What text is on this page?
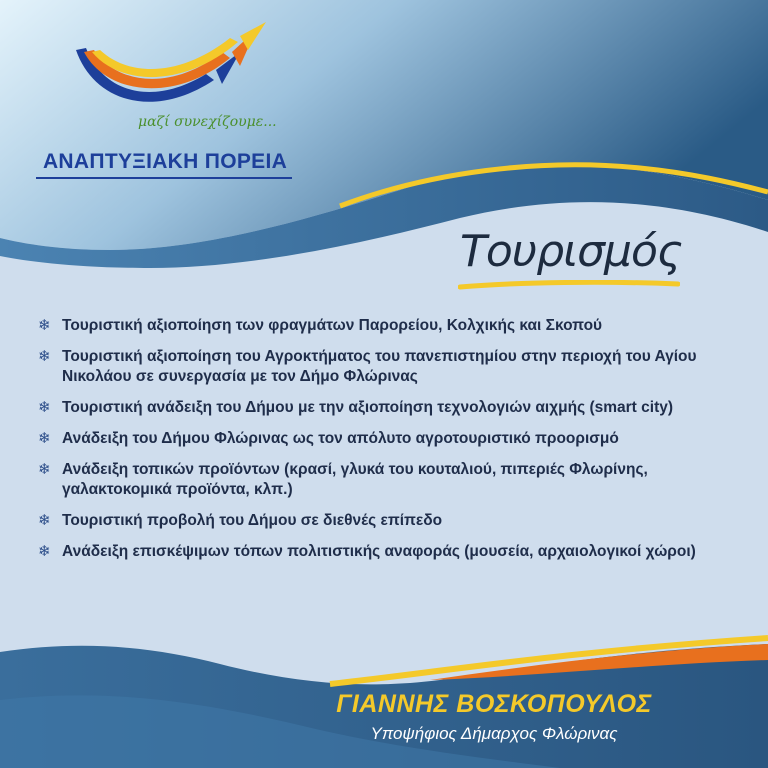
μαζί συνεχίζουμε...
ΑΝΑΠΤΥΞΙΑΚΗ ΠΟΡΕΙΑ
Τουρισμός
❄ Τουριστική αξιοποίηση των φραγμάτων Παρορείου, Κολχικής και Σκοπού
❄ Τουριστική αξιοποίηση του Αγροκτήματος του πανεπιστημίου στην περιοχή του Αγίου Νικολάου σε συνεργασία με τον Δήμο Φλώρινας
❄ Τουριστική ανάδειξη του Δήμου με την αξιοποίηση τεχνολογιών αιχμής (smart city)
❄ Ανάδειξη του Δήμου Φλώρινας ως τον απόλυτο αγροτουριστικό προορισμό
❄ Ανάδειξη τοπικών προϊόντων (κρασί, γλυκά του κουταλιού, πιπεριές Φλωρίνης, γαλακτοκομικά προϊόντα, κλπ.)
❄ Τουριστική προβολή του Δήμου σε διεθνές επίπεδο
❄ Ανάδειξη επισκέψιμων τόπων πολιτιστικής αναφοράς (μουσεία, αρχαιολογικοί χώροι)
ΓΙΑΝΝΗΣ ΒΟΣΚΟΠΟΥΛΟΣ
Υποψήφιος Δήμαρχος Φλώρινας
